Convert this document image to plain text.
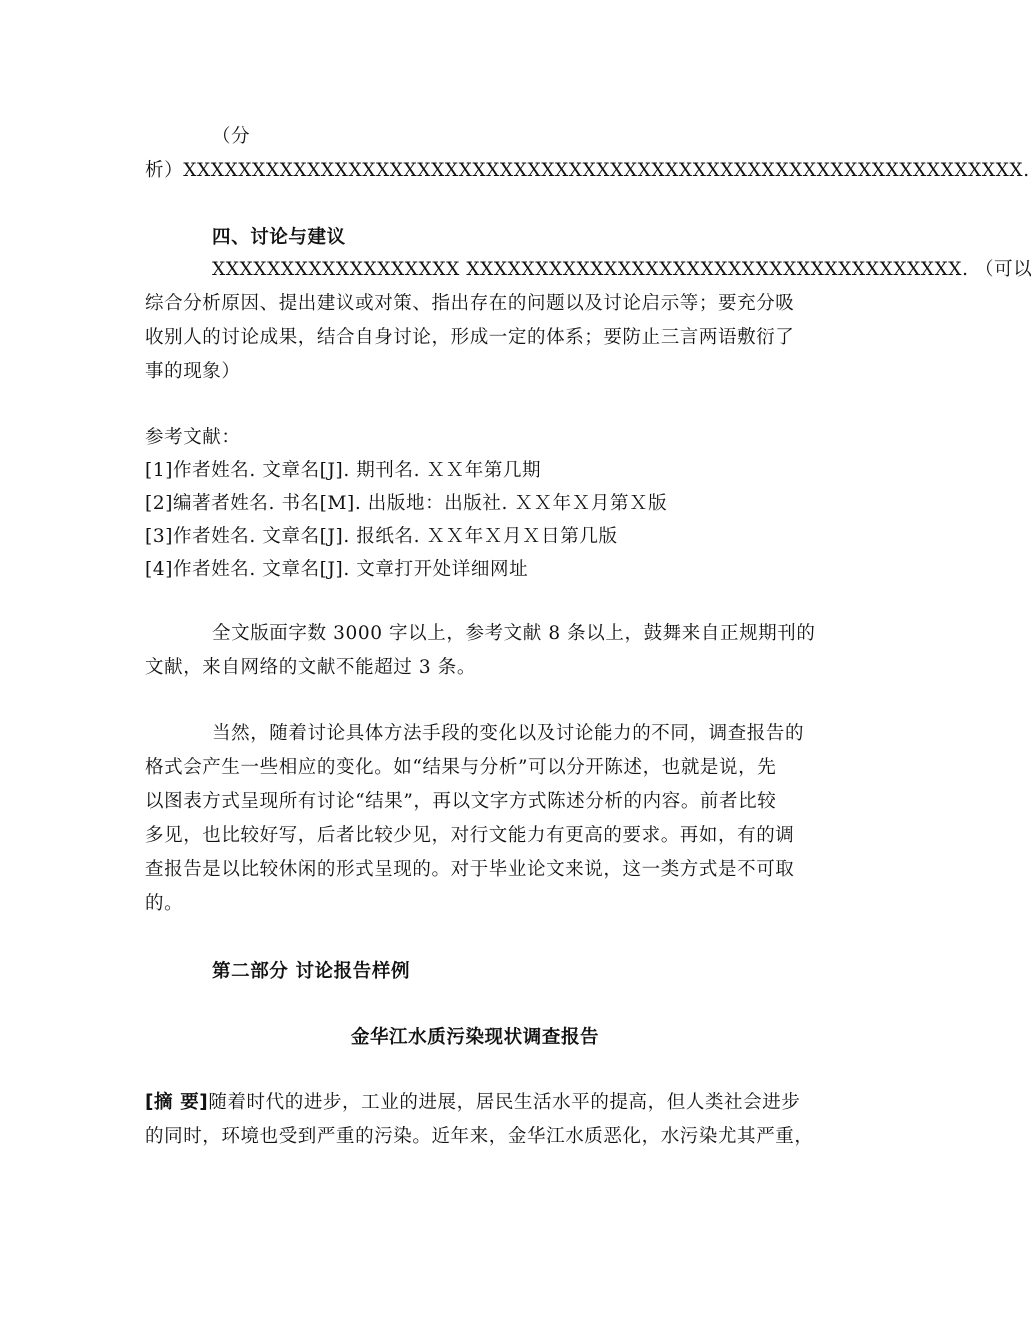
（分
析）XXXXXXXXXXXXXXXXXXXXXXXXXXXXXXXXXXXXXXXXXXXXXXXXXXXXXXXXXXXXX.
四、讨论与建议
XXXXXXXXXXXXXXXXXX XXXXXXXXXXXXXXXXXXXXXXXXXXXXXXXXXXXX. （可以
综合分析原因、提出建议或对策、指出存在的问题以及讨论启示等；要充分吸
收别人的讨论成果，结合自身讨论，形成一定的体系；要防止三言两语敷衍了
事的现象）
参考文献：
[1]作者姓名. 文章名[J]. 期刊名. ＸＸ年第几期
[2]编著者姓名. 书名[M]. 出版地：出版社. ＸＸ年Ｘ月第Ｘ版
[3]作者姓名. 文章名[J]. 报纸名. ＸＸ年Ｘ月Ｘ日第几版
[4]作者姓名. 文章名[J]. 文章打开处详细网址
全文版面字数 3000 字以上，参考文献 8 条以上，鼓舞来自正规期刊的
文献，来自网络的文献不能超过 3 条。
当然，随着讨论具体方法手段的变化以及讨论能力的不同，调查报告的
格式会产生一些相应的变化。如“结果与分析”可以分开陈述，也就是说，先
以图表方式呈现所有讨论“结果”，再以文字方式陈述分析的内容。前者比较
多见，也比较好写，后者比较少见，对行文能力有更高的要求。再如，有的调
查报告是以比较休闲的形式呈现的。对于毕业论文来说，这一类方式是不可取
的。
第二部分 讨论报告样例
金华江水质污染现状调查报告
[摘 要]随着时代的进步，工业的进展，居民生活水平的提高，但人类社会进步
的同时，环境也受到严重的污染。近年来，金华江水质恶化，水污染尤其严重，
